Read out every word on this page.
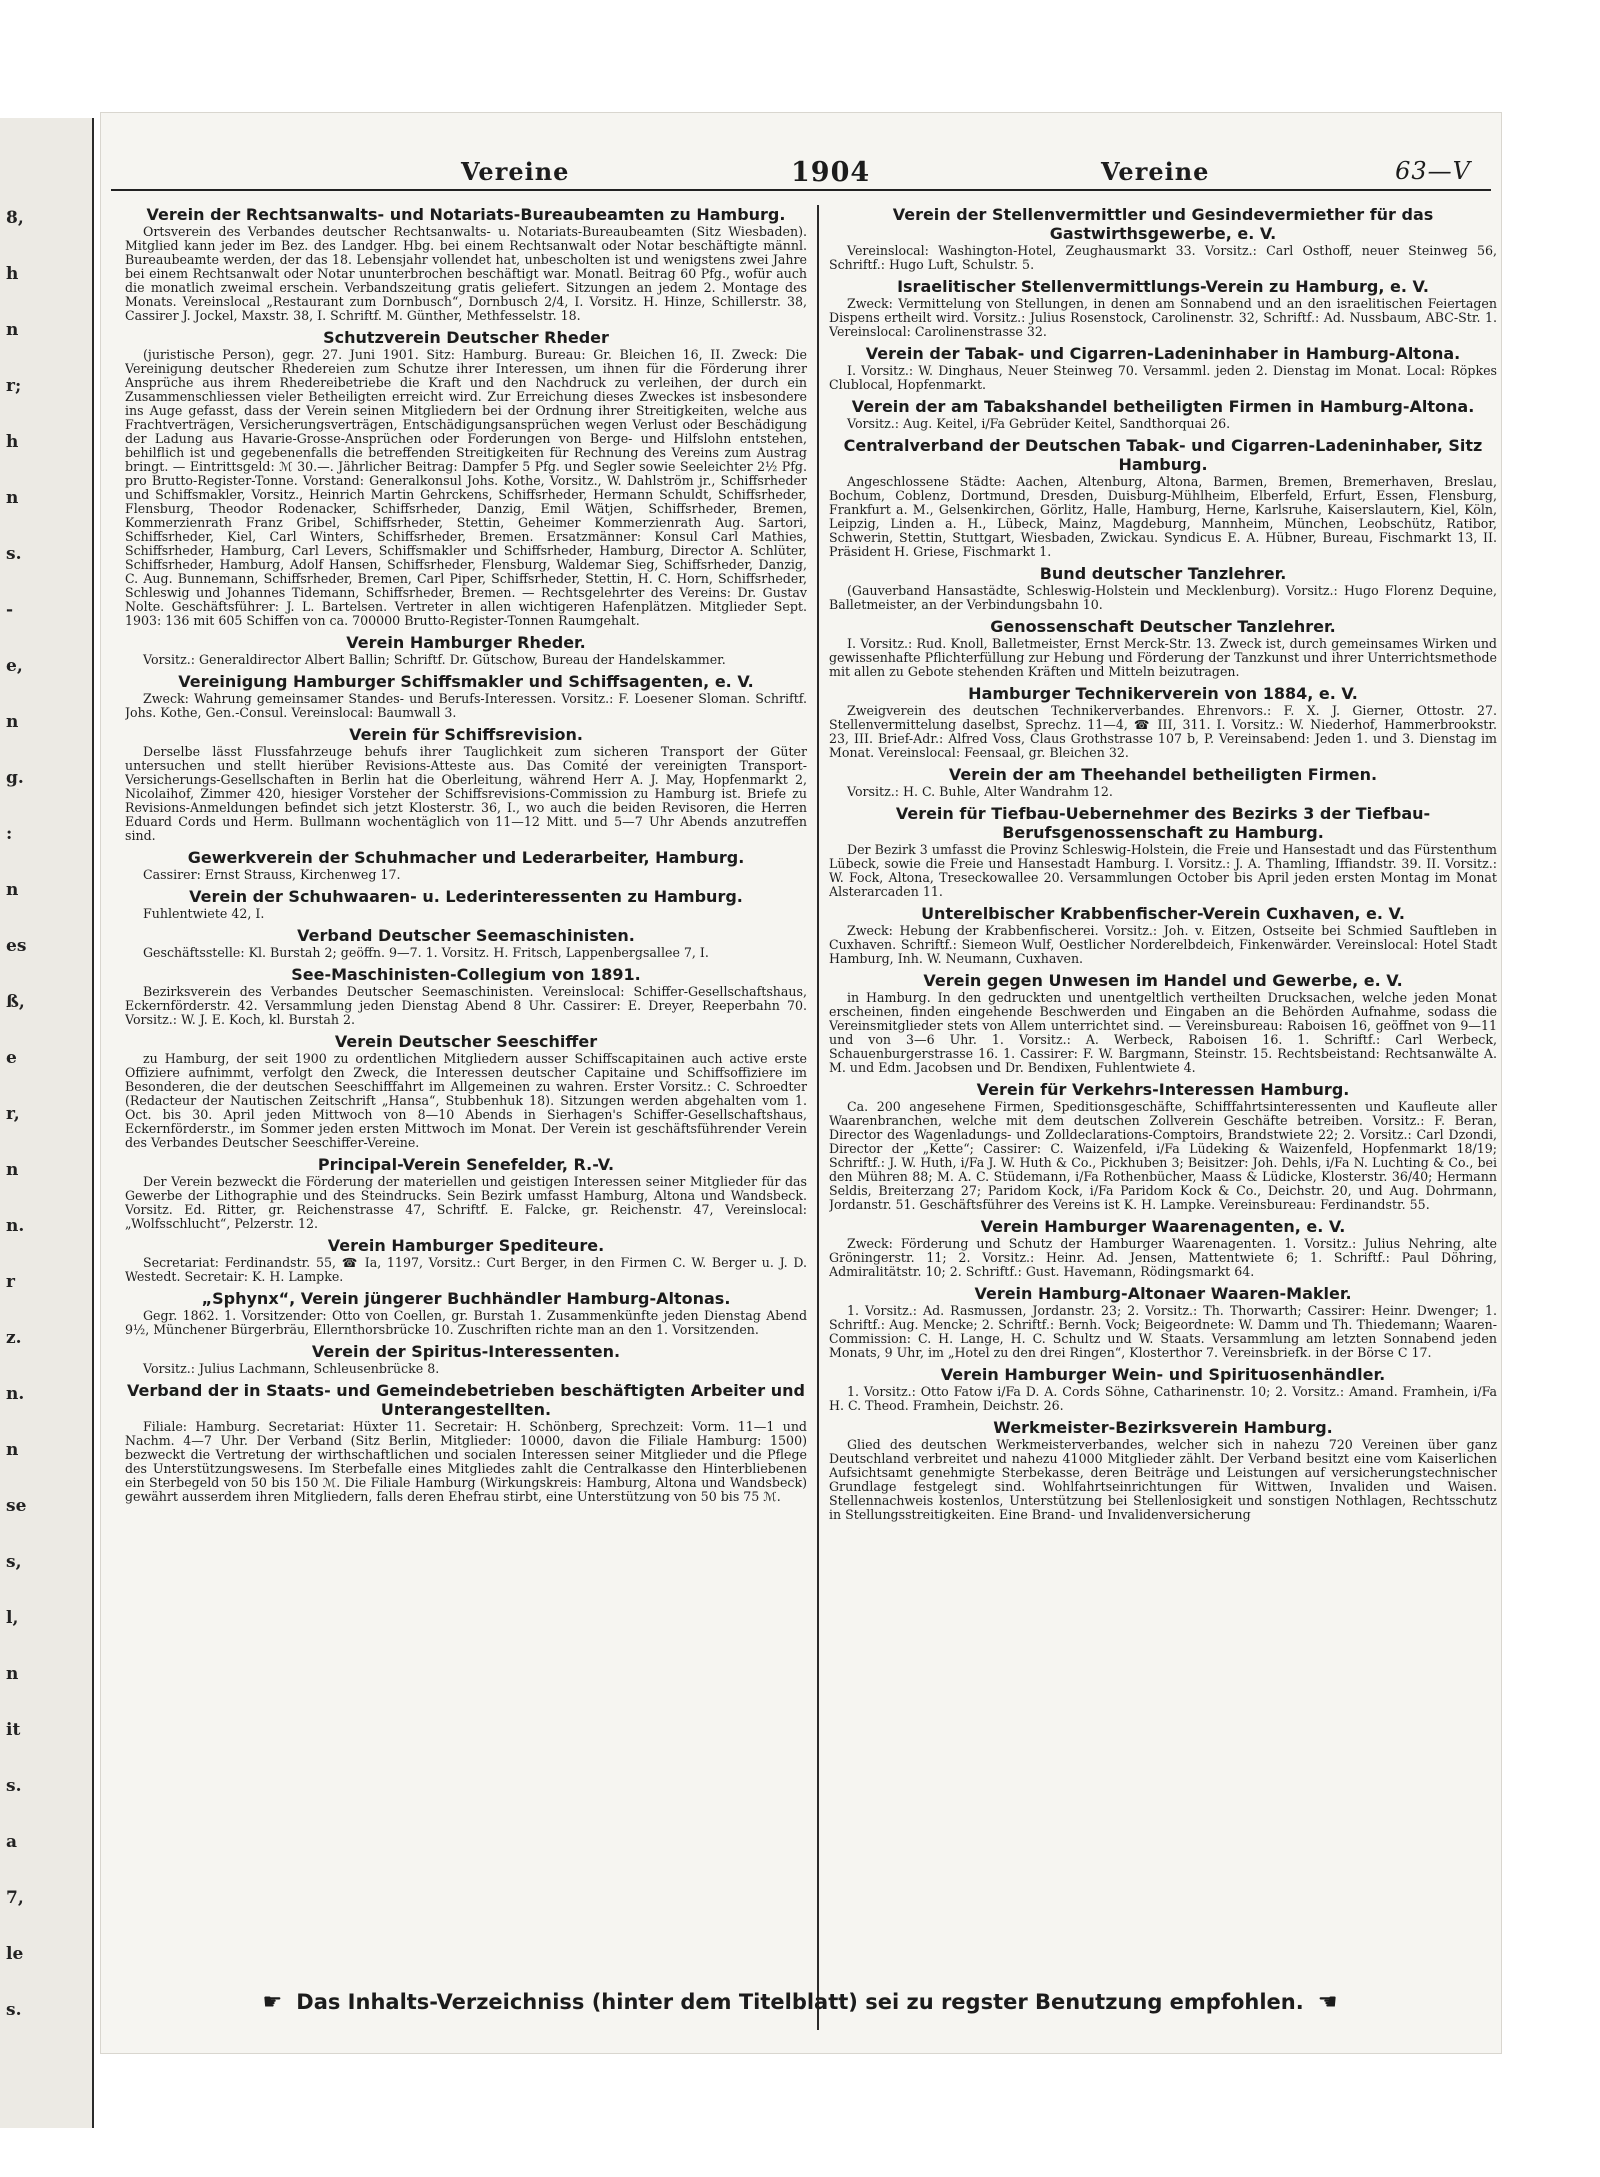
8,
h
n
r;
h
n
s.
-
e,
n
g.
:
n
es
ß,
e
r,
n
n.
r
z.
n.
n
se
s,
l,
n
it
s.
a
7,
le
s.
Vereine	1904	Vereine	63—V
Verein der Rechtsanwalts- und Notariats-Bureaubeamten zu Hamburg.
Ortsverein des Verbandes deutscher Rechtsanwalts- u. Notariats-Bureaubeamten (Sitz Wiesbaden). Mitglied kann jeder im Bez. des Landger. Hbg. bei einem Rechtsanwalt oder Notar beschäftigte männl. Bureaubeamte werden, der das 18. Lebensjahr vollendet hat, unbescholten ist und wenigstens zwei Jahre bei einem Rechtsanwalt oder Notar ununterbrochen beschäftigt war. Monatl. Beitrag 60 Pfg., wofür auch die monatlich zweimal erschein. Verbandszeitung gratis geliefert. Sitzungen an jedem 2. Montage des Monats. Vereinslocal „Restaurant zum Dornbusch“, Dornbusch 2/4, I. Vorsitz. H. Hinze, Schillerstr. 38, Cassirer J. Jockel, Maxstr. 38, I. Schriftf. M. Günther, Methfesselstr. 18.
Schutzverein Deutscher Rheder
(juristische Person), gegr. 27. Juni 1901. Sitz: Hamburg. Bureau: Gr. Bleichen 16, II. Zweck: Die Vereinigung deutscher Rhedereien zum Schutze ihrer Interessen, um ihnen für die Förderung ihrer Ansprüche aus ihrem Rhedereibetriebe die Kraft und den Nachdruck zu verleihen, der durch ein Zusammenschliessen vieler Betheiligten erreicht wird. Zur Erreichung dieses Zweckes ist insbesondere ins Auge gefasst, dass der Verein seinen Mitgliedern bei der Ordnung ihrer Streitigkeiten, welche aus Frachtverträgen, Versicherungsverträgen, Entschädigungsansprüchen wegen Verlust oder Beschädigung der Ladung aus Havarie-Grosse-Ansprüchen oder Forderungen von Berge- und Hilfslohn entstehen, behilflich ist und gegebenenfalls die betreffenden Streitigkeiten für Rechnung des Vereins zum Austrag bringt. — Eintrittsgeld: ℳ 30.—. Jährlicher Beitrag: Dampfer 5 Pfg. und Segler sowie Seeleichter 2½ Pfg. pro Brutto-Register-Tonne. Vorstand: Generalkonsul Johs. Kothe, Vorsitz., W. Dahlström jr., Schiffsrheder und Schiffsmakler, Vorsitz., Heinrich Martin Gehrckens, Schiffsrheder, Hermann Schuldt, Schiffsrheder, Flensburg, Theodor Rodenacker, Schiffsrheder, Danzig, Emil Wätjen, Schiffsrheder, Bremen, Kommerzienrath Franz Gribel, Schiffsrheder, Stettin, Geheimer Kommerzienrath Aug. Sartori, Schiffsrheder, Kiel, Carl Winters, Schiffsrheder, Bremen. Ersatzmänner: Konsul Carl Mathies, Schiffsrheder, Hamburg, Carl Levers, Schiffsmakler und Schiffsrheder, Hamburg, Director A. Schlüter, Schiffsrheder, Hamburg, Adolf Hansen, Schiffsrheder, Flensburg, Waldemar Sieg, Schiffsrheder, Danzig, C. Aug. Bunnemann, Schiffsrheder, Bremen, Carl Piper, Schiffsrheder, Stettin, H. C. Horn, Schiffsrheder, Schleswig und Johannes Tidemann, Schiffsrheder, Bremen. — Rechtsgelehrter des Vereins: Dr. Gustav Nolte. Geschäftsführer: J. L. Bartelsen. Vertreter in allen wichtigeren Hafenplätzen. Mitglieder Sept. 1903: 136 mit 605 Schiffen von ca. 700000 Brutto-Register-Tonnen Raumgehalt.
Verein Hamburger Rheder.
Vorsitz.: Generaldirector Albert Ballin; Schriftf. Dr. Gütschow, Bureau der Handelskammer.
Vereinigung Hamburger Schiffsmakler und Schiffsagenten, e. V.
Zweck: Wahrung gemeinsamer Standes- und Berufs-Interessen. Vorsitz.: F. Loesener Sloman. Schriftf. Johs. Kothe, Gen.-Consul. Vereinslocal: Baumwall 3.
Verein für Schiffsrevision.
Derselbe lässt Flussfahrzeuge behufs ihrer Tauglichkeit zum sicheren Transport der Güter untersuchen und stellt hierüber Revisions-Atteste aus. Das Comité der vereinigten Transport-Versicherungs-Gesellschaften in Berlin hat die Oberleitung, während Herr A. J. May, Hopfenmarkt 2, Nicolaihof, Zimmer 420, hiesiger Vorsteher der Schiffsrevisions-Commission zu Hamburg ist. Briefe zu Revisions-Anmeldungen befindet sich jetzt Klosterstr. 36, I., wo auch die beiden Revisoren, die Herren Eduard Cords und Herm. Bullmann wochentäglich von 11—12 Mitt. und 5—7 Uhr Abends anzutreffen sind.
Gewerkverein der Schuhmacher und Lederarbeiter, Hamburg.
Cassirer: Ernst Strauss, Kirchenweg 17.
Verein der Schuhwaaren- u. Lederinteressenten zu Hamburg.
Fuhlentwiete 42, I.
Verband Deutscher Seemaschinisten.
Geschäftsstelle: Kl. Burstah 2; geöffn. 9—7. 1. Vorsitz. H. Fritsch, Lappenbergsallee 7, I.
See-Maschinisten-Collegium von 1891.
Bezirksverein des Verbandes Deutscher Seemaschinisten. Vereinslocal: Schiffer-Gesellschaftshaus, Eckernförderstr. 42. Versammlung jeden Dienstag Abend 8 Uhr. Cassirer: E. Dreyer, Reeperbahn 70. Vorsitz.: W. J. E. Koch, kl. Burstah 2.
Verein Deutscher Seeschiffer
zu Hamburg, der seit 1900 zu ordentlichen Mitgliedern ausser Schiffscapitainen auch active erste Offiziere aufnimmt, verfolgt den Zweck, die Interessen deutscher Capitaine und Schiffsoffiziere im Besonderen, die der deutschen Seeschifffahrt im Allgemeinen zu wahren. Erster Vorsitz.: C. Schroedter (Redacteur der Nautischen Zeitschrift „Hansa“, Stubbenhuk 18). Sitzungen werden abgehalten vom 1. Oct. bis 30. April jeden Mittwoch von 8—10 Abends in Sierhagen's Schiffer-Gesellschaftshaus, Eckernförderstr., im Sommer jeden ersten Mittwoch im Monat. Der Verein ist geschäftsführender Verein des Verbandes Deutscher Seeschiffer-Vereine.
Principal-Verein Senefelder, R.-V.
Der Verein bezweckt die Förderung der materiellen und geistigen Interessen seiner Mitglieder für das Gewerbe der Lithographie und des Steindrucks. Sein Bezirk umfasst Hamburg, Altona und Wandsbeck. Vorsitz. Ed. Ritter, gr. Reichenstrasse 47, Schriftf. E. Falcke, gr. Reichenstr. 47, Vereinslocal: „Wolfsschlucht“, Pelzerstr. 12.
Verein Hamburger Spediteure.
Secretariat: Ferdinandstr. 55, ☎ Ia, 1197, Vorsitz.: Curt Berger, in den Firmen C. W. Berger u. J. D. Westedt. Secretair: K. H. Lampke.
„Sphynx“, Verein jüngerer Buchhändler Hamburg-Altonas.
Gegr. 1862. 1. Vorsitzender: Otto von Coellen, gr. Burstah 1. Zusammenkünfte jeden Dienstag Abend 9½, Münchener Bürgerbräu, Ellernthorsbrücke 10. Zuschriften richte man an den 1. Vorsitzenden.
Verein der Spiritus-Interessenten.
Vorsitz.: Julius Lachmann, Schleusenbrücke 8.
Verband der in Staats- und Gemeindebetrieben beschäftigten Arbeiter und Unterangestellten.
Filiale: Hamburg. Secretariat: Hüxter 11. Secretair: H. Schönberg, Sprechzeit: Vorm. 11—1 und Nachm. 4—7 Uhr. Der Verband (Sitz Berlin, Mitglieder: 10000, davon die Filiale Hamburg: 1500) bezweckt die Vertretung der wirthschaftlichen und socialen Interessen seiner Mitglieder und die Pflege des Unterstützungswesens. Im Sterbefalle eines Mitgliedes zahlt die Centralkasse den Hinterbliebenen ein Sterbegeld von 50 bis 150 ℳ. Die Filiale Hamburg (Wirkungskreis: Hamburg, Altona und Wandsbeck) gewährt ausserdem ihren Mitgliedern, falls deren Ehefrau stirbt, eine Unterstützung von 50 bis 75 ℳ.
Verein der Stellenvermittler und Gesindevermiether für das Gastwirthsgewerbe, e. V.
Vereinslocal: Washington-Hotel, Zeughausmarkt 33. Vorsitz.: Carl Osthoff, neuer Steinweg 56, Schriftf.: Hugo Luft, Schulstr. 5.
Israelitischer Stellenvermittlungs-Verein zu Hamburg, e. V.
Zweck: Vermittelung von Stellungen, in denen am Sonnabend und an den israelitischen Feiertagen Dispens ertheilt wird. Vorsitz.: Julius Rosenstock, Carolinenstr. 32, Schriftf.: Ad. Nussbaum, ABC-Str. 1. Vereinslocal: Carolinenstrasse 32.
Verein der Tabak- und Cigarren-Ladeninhaber in Hamburg-Altona.
I. Vorsitz.: W. Dinghaus, Neuer Steinweg 70. Versamml. jeden 2. Dienstag im Monat. Local: Röpkes Clublocal, Hopfenmarkt.
Verein der am Tabakshandel betheiligten Firmen in Hamburg-Altona.
Vorsitz.: Aug. Keitel, i/Fa Gebrüder Keitel, Sandthorquai 26.
Centralverband der Deutschen Tabak- und Cigarren-Ladeninhaber, Sitz Hamburg.
Angeschlossene Städte: Aachen, Altenburg, Altona, Barmen, Bremen, Bremerhaven, Breslau, Bochum, Coblenz, Dortmund, Dresden, Duisburg-Mühlheim, Elberfeld, Erfurt, Essen, Flensburg, Frankfurt a. M., Gelsenkirchen, Görlitz, Halle, Hamburg, Herne, Karlsruhe, Kaiserslautern, Kiel, Köln, Leipzig, Linden a. H., Lübeck, Mainz, Magdeburg, Mannheim, München, Leobschütz, Ratibor, Schwerin, Stettin, Stuttgart, Wiesbaden, Zwickau. Syndicus E. A. Hübner, Bureau, Fischmarkt 13, II. Präsident H. Griese, Fischmarkt 1.
Bund deutscher Tanzlehrer.
(Gauverband Hansastädte, Schleswig-Holstein und Mecklenburg). Vorsitz.: Hugo Florenz Dequine, Balletmeister, an der Verbindungsbahn 10.
Genossenschaft Deutscher Tanzlehrer.
I. Vorsitz.: Rud. Knoll, Balletmeister, Ernst Merck-Str. 13. Zweck ist, durch gemeinsames Wirken und gewissenhafte Pflichterfüllung zur Hebung und Förderung der Tanzkunst und ihrer Unterrichtsmethode mit allen zu Gebote stehenden Kräften und Mitteln beizutragen.
Hamburger Technikerverein von 1884, e. V.
Zweigverein des deutschen Technikerverbandes. Ehrenvors.: F. X. J. Gierner, Ottostr. 27. Stellenvermittelung daselbst, Sprechz. 11—4, ☎ III, 311. I. Vorsitz.: W. Niederhof, Hammerbrookstr. 23, III. Brief-Adr.: Alfred Voss, Claus Grothstrasse 107 b, P. Vereinsabend: Jeden 1. und 3. Dienstag im Monat. Vereinslocal: Feensaal, gr. Bleichen 32.
Verein der am Theehandel betheiligten Firmen.
Vorsitz.: H. C. Buhle, Alter Wandrahm 12.
Verein für Tiefbau-Uebernehmer des Bezirks 3 der Tiefbau-Berufsgenossenschaft zu Hamburg.
Der Bezirk 3 umfasst die Provinz Schleswig-Holstein, die Freie und Hansestadt und das Fürstenthum Lübeck, sowie die Freie und Hansestadt Hamburg. I. Vorsitz.: J. A. Thamling, Iffiandstr. 39. II. Vorsitz.: W. Fock, Altona, Treseckowallee 20. Versammlungen October bis April jeden ersten Montag im Monat Alsterarcaden 11.
Unterelbischer Krabbenfischer-Verein Cuxhaven, e. V.
Zweck: Hebung der Krabbenfischerei. Vorsitz.: Joh. v. Eitzen, Ostseite bei Schmied Sauftleben in Cuxhaven. Schriftf.: Siemeon Wulf, Oestlicher Norderelbdeich, Finkenwärder. Vereinslocal: Hotel Stadt Hamburg, Inh. W. Neumann, Cuxhaven.
Verein gegen Unwesen im Handel und Gewerbe, e. V.
in Hamburg. In den gedruckten und unentgeltlich vertheilten Drucksachen, welche jeden Monat erscheinen, finden eingehende Beschwerden und Eingaben an die Behörden Aufnahme, sodass die Vereinsmitglieder stets von Allem unterrichtet sind. — Vereinsbureau: Raboisen 16, geöffnet von 9—11 und von 3—6 Uhr. 1. Vorsitz.: A. Werbeck, Raboisen 16. 1. Schriftf.: Carl Werbeck, Schauenburgerstrasse 16. 1. Cassirer: F. W. Bargmann, Steinstr. 15. Rechtsbeistand: Rechtsanwälte A. M. und Edm. Jacobsen und Dr. Bendixen, Fuhlentwiete 4.
Verein für Verkehrs-Interessen Hamburg.
Ca. 200 angesehene Firmen, Speditionsgeschäfte, Schifffahrtsinteressenten und Kaufleute aller Waarenbranchen, welche mit dem deutschen Zollverein Geschäfte betreiben. Vorsitz.: F. Beran, Director des Wagenladungs- und Zolldeclarations-Comptoirs, Brandstwiete 22; 2. Vorsitz.: Carl Dzondi, Director der „Kette“; Cassirer: C. Waizenfeld, i/Fa Lüdeking & Waizenfeld, Hopfenmarkt 18/19; Schriftf.: J. W. Huth, i/Fa J. W. Huth & Co., Pickhuben 3; Beisitzer: Joh. Dehls, i/Fa N. Luchting & Co., bei den Mühren 88; M. A. C. Stüdemann, i/Fa Rothenbücher, Maass & Lüdicke, Klosterstr. 36/40; Hermann Seldis, Breiterzang 27; Paridom Kock, i/Fa Paridom Kock & Co., Deichstr. 20, und Aug. Dohrmann, Jordanstr. 51. Geschäftsführer des Vereins ist K. H. Lampke. Vereinsbureau: Ferdinandstr. 55.
Verein Hamburger Waarenagenten, e. V.
Zweck: Förderung und Schutz der Hamburger Waarenagenten. 1. Vorsitz.: Julius Nehring, alte Gröningerstr. 11; 2. Vorsitz.: Heinr. Ad. Jensen, Mattentwiete 6; 1. Schriftf.: Paul Döhring, Admiralitätstr. 10; 2. Schriftf.: Gust. Havemann, Rödingsmarkt 64.
Verein Hamburg-Altonaer Waaren-Makler.
1. Vorsitz.: Ad. Rasmussen, Jordanstr. 23; 2. Vorsitz.: Th. Thorwarth; Cassirer: Heinr. Dwenger; 1. Schriftf.: Aug. Mencke; 2. Schriftf.: Bernh. Vock; Beigeordnete: W. Damm und Th. Thiedemann; Waaren-Commission: C. H. Lange, H. C. Schultz und W. Staats. Versammlung am letzten Sonnabend jeden Monats, 9 Uhr, im „Hotel zu den drei Ringen“, Klosterthor 7. Vereinsbriefk. in der Börse C 17.
Verein Hamburger Wein- und Spirituosenhändler.
1. Vorsitz.: Otto Fatow i/Fa D. A. Cords Söhne, Catharinenstr. 10; 2. Vorsitz.: Amand. Framhein, i/Fa H. C. Theod. Framhein, Deichstr. 26.
Werkmeister-Bezirksverein Hamburg.
Glied des deutschen Werkmeisterverbandes, welcher sich in nahezu 720 Vereinen über ganz Deutschland verbreitet und nahezu 41000 Mitglieder zählt. Der Verband besitzt eine vom Kaiserlichen Aufsichtsamt genehmigte Sterbekasse, deren Beiträge und Leistungen auf versicherungstechnischer Grundlage festgelegt sind. Wohlfahrtseinrichtungen für Wittwen, Invaliden und Waisen. Stellennachweis kostenlos, Unterstützung bei Stellenlosigkeit und sonstigen Nothlagen, Rechtsschutz in Stellungsstreitigkeiten. Eine Brand- und Invalidenversicherung
☛ Das Inhalts-Verzeichniss (hinter dem Titelblatt) sei zu regster Benutzung empfohlen. ☚
